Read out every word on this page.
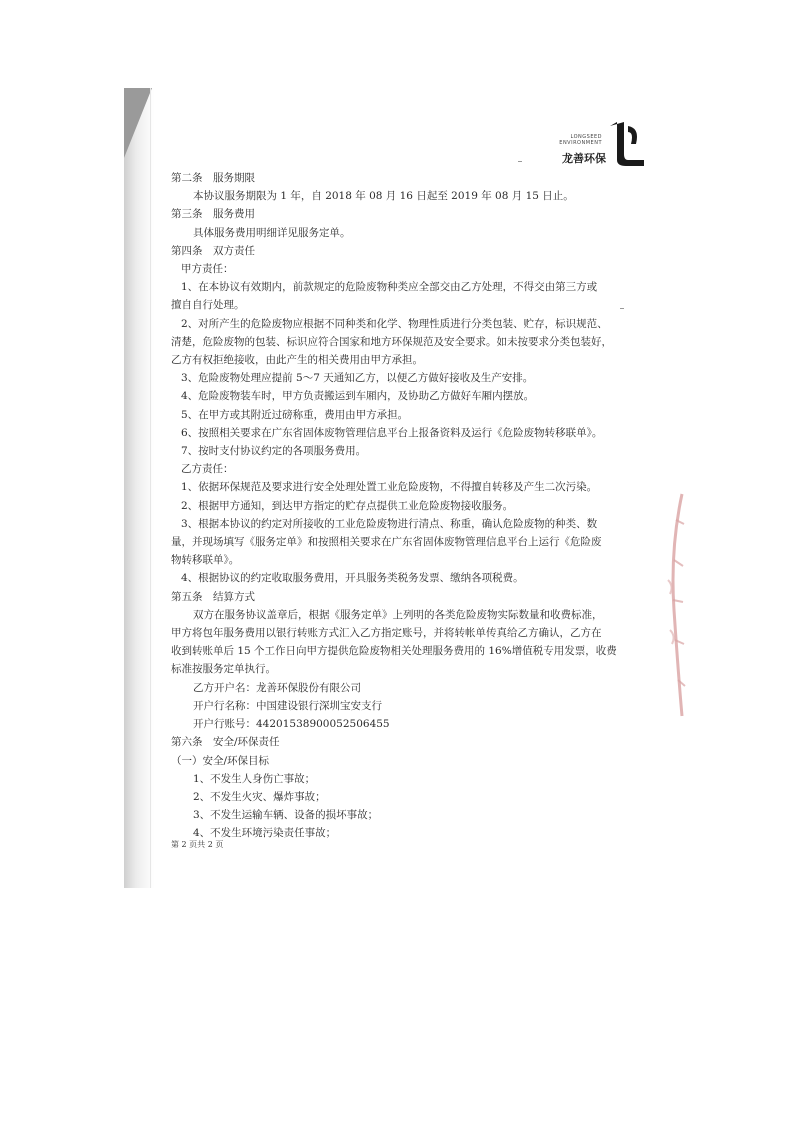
LONGSEED ENVIRONMENT
龙善环保

第二条　服务期限

本协议服务期限为 1 年，自 2018 年 08 月 16 日起至 2019 年 08 月 15 日止。

第三条　服务费用

具体服务费用明细详见服务定单。

第四条　双方责任

甲方责任：

1、在本协议有效期内，前款规定的危险废物种类应全部交由乙方处理，不得交由第三方或

擅自自行处理。

2、对所产生的危险废物应根据不同种类和化学、物理性质进行分类包装、贮存，标识规范、

清楚，危险废物的包装、标识应符合国家和地方环保规范及安全要求。如未按要求分类包装好，

乙方有权拒绝接收，由此产生的相关费用由甲方承担。

3、危险废物处理应提前 5～7 天通知乙方，以便乙方做好接收及生产安排。

4、危险废物装车时，甲方负责搬运到车厢内，及协助乙方做好车厢内摆放。

5、在甲方或其附近过磅称重，费用由甲方承担。

6、按照相关要求在广东省固体废物管理信息平台上报备资料及运行《危险废物转移联单》。

7、按时支付协议约定的各项服务费用。

乙方责任：

1、依据环保规范及要求进行安全处理处置工业危险废物，不得擅自转移及产生二次污染。

2、根据甲方通知，到达甲方指定的贮存点提供工业危险废物接收服务。

3、根据本协议的约定对所接收的工业危险废物进行清点、称重，确认危险废物的种类、数

量，并现场填写《服务定单》和按照相关要求在广东省固体废物管理信息平台上运行《危险废

物转移联单》。

4、根据协议的约定收取服务费用，开具服务类税务发票、缴纳各项税费。

第五条　结算方式

双方在服务协议盖章后，根据《服务定单》上列明的各类危险废物实际数量和收费标准，

甲方将包年服务费用以银行转账方式汇入乙方指定账号，并将转帐单传真给乙方确认，乙方在

收到转账单后 15 个工作日向甲方提供危险废物相关处理服务费用的 16%增值税专用发票，收费

标准按服务定单执行。

乙方开户名：龙善环保股份有限公司

开户行名称：中国建设银行深圳宝安支行

开户行账号：44201538900052506455

第六条　安全/环保责任

（一）安全/环保目标

1、不发生人身伤亡事故；

2、不发生火灾、爆炸事故；

3、不发生运输车辆、设备的损坏事故；

4、不发生环境污染责任事故；

第 2 页共 2 页
